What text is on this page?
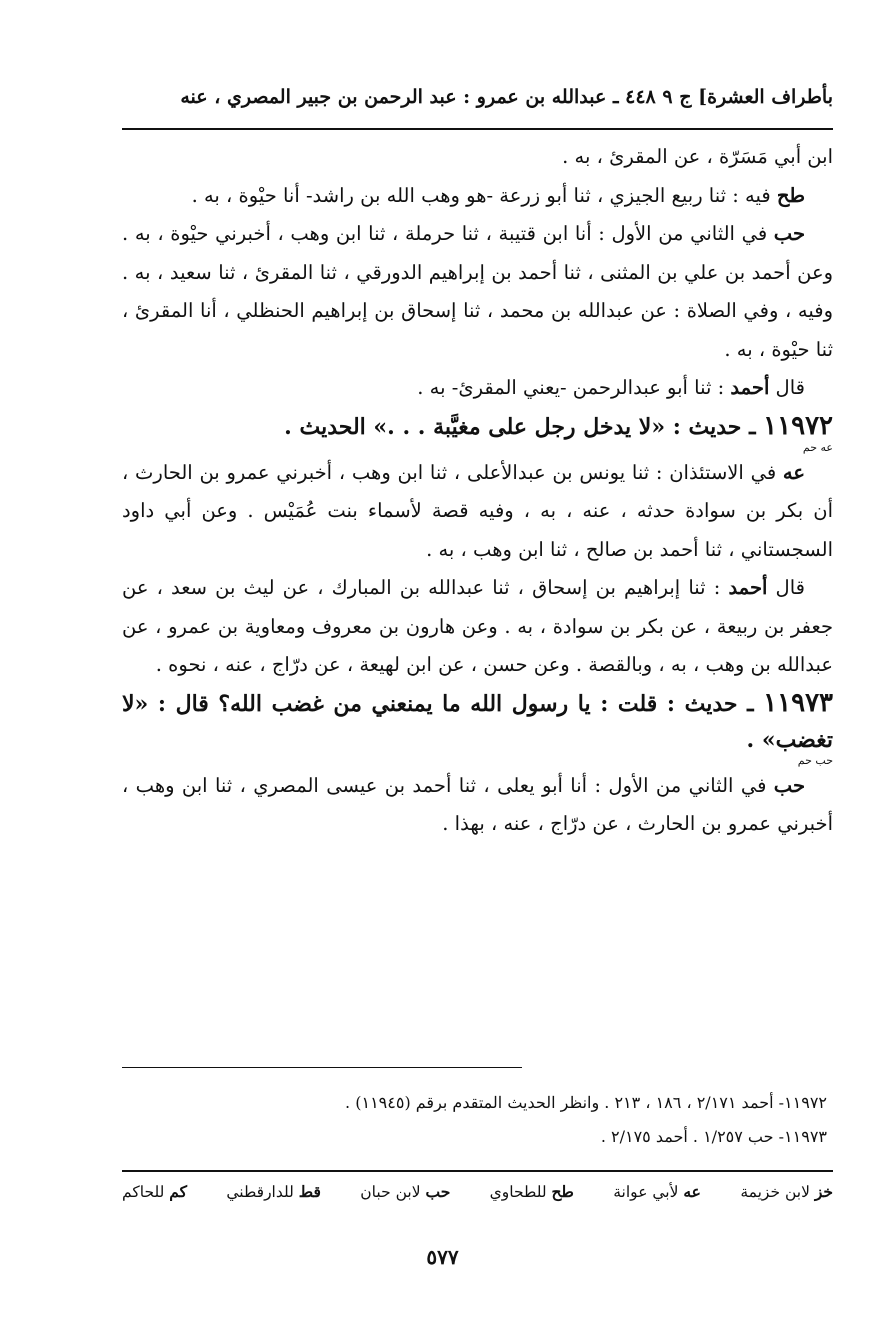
بأطراف العشرة] ج ٩ ٤٤٨ ـ عبدالله بن عمرو : عبد الرحمن بن جبير المصري ، عنه

ابن أبي مَسَرّة ، عن المقرئ ، به .

طح فيه : ثنا ربيع الجيزي ، ثنا أبو زرعة -هو وهب الله بن راشد- أنا حيْوة ، به .

حب في الثاني من الأول : أنا ابن قتيبة ، ثنا حرملة ، ثنا ابن وهب ، أخبرني حيْوة ، به . وعن أحمد بن علي بن المثنى ، ثنا أحمد بن إبراهيم الدورقي ، ثنا المقرئ ، ثنا سعيد ، به . وفيه ، وفي الصلاة : عن عبدالله بن محمد ، ثنا إسحاق بن إبراهيم الحنظلي ، أنا المقرئ ، ثنا حيْوة ، به .

قال أحمد : ثنا أبو عبدالرحمن -يعني المقرئ- به .

١١٩٧٢ ـ حديث : «لا يدخل رجل على مغيَّبة . . .» الحديث .

عه حم

عه في الاستئذان : ثنا يونس بن عبدالأعلى ، ثنا ابن وهب ، أخبرني عمرو بن الحارث ، أن بكر بن سوادة حدثه ، عنه ، به ، وفيه قصة لأسماء بنت عُمَيْس . وعن أبي داود السجستاني ، ثنا أحمد بن صالح ، ثنا ابن وهب ، به .

قال أحمد : ثنا إبراهيم بن إسحاق ، ثنا عبدالله بن المبارك ، عن ليث بن سعد ، عن جعفر بن ربيعة ، عن بكر بن سوادة ، به . وعن هارون بن معروف ومعاوية بن عمرو ، عن عبدالله بن وهب ، به ، وبالقصة . وعن حسن ، عن ابن لهيعة ، عن درّاج ، عنه ، نحوه .

١١٩٧٣ ـ حديث : قلت : يا رسول الله ما يمنعني من غضب الله؟ قال : «لا تغضب» .

حب حم

حب في الثاني من الأول : أنا أبو يعلى ، ثنا أحمد بن عيسى المصري ، ثنا ابن وهب ، أخبرني عمرو بن الحارث ، عن درّاج ، عنه ، بهذا .

١١٩٧٢- أحمد ٢/١٧١ ، ١٨٦ ، ٢١٣ . وانظر الحديث المتقدم برقم (١١٩٤٥) .

١١٩٧٣- حب ١/٢٥٧ . أحمد ٢/١٧٥ .

خز لابن خزيمة
عه لأبي عوانة
طح للطحاوي
حب لابن حبان
قط للدارقطني
كم للحاكم
٥٧٧
